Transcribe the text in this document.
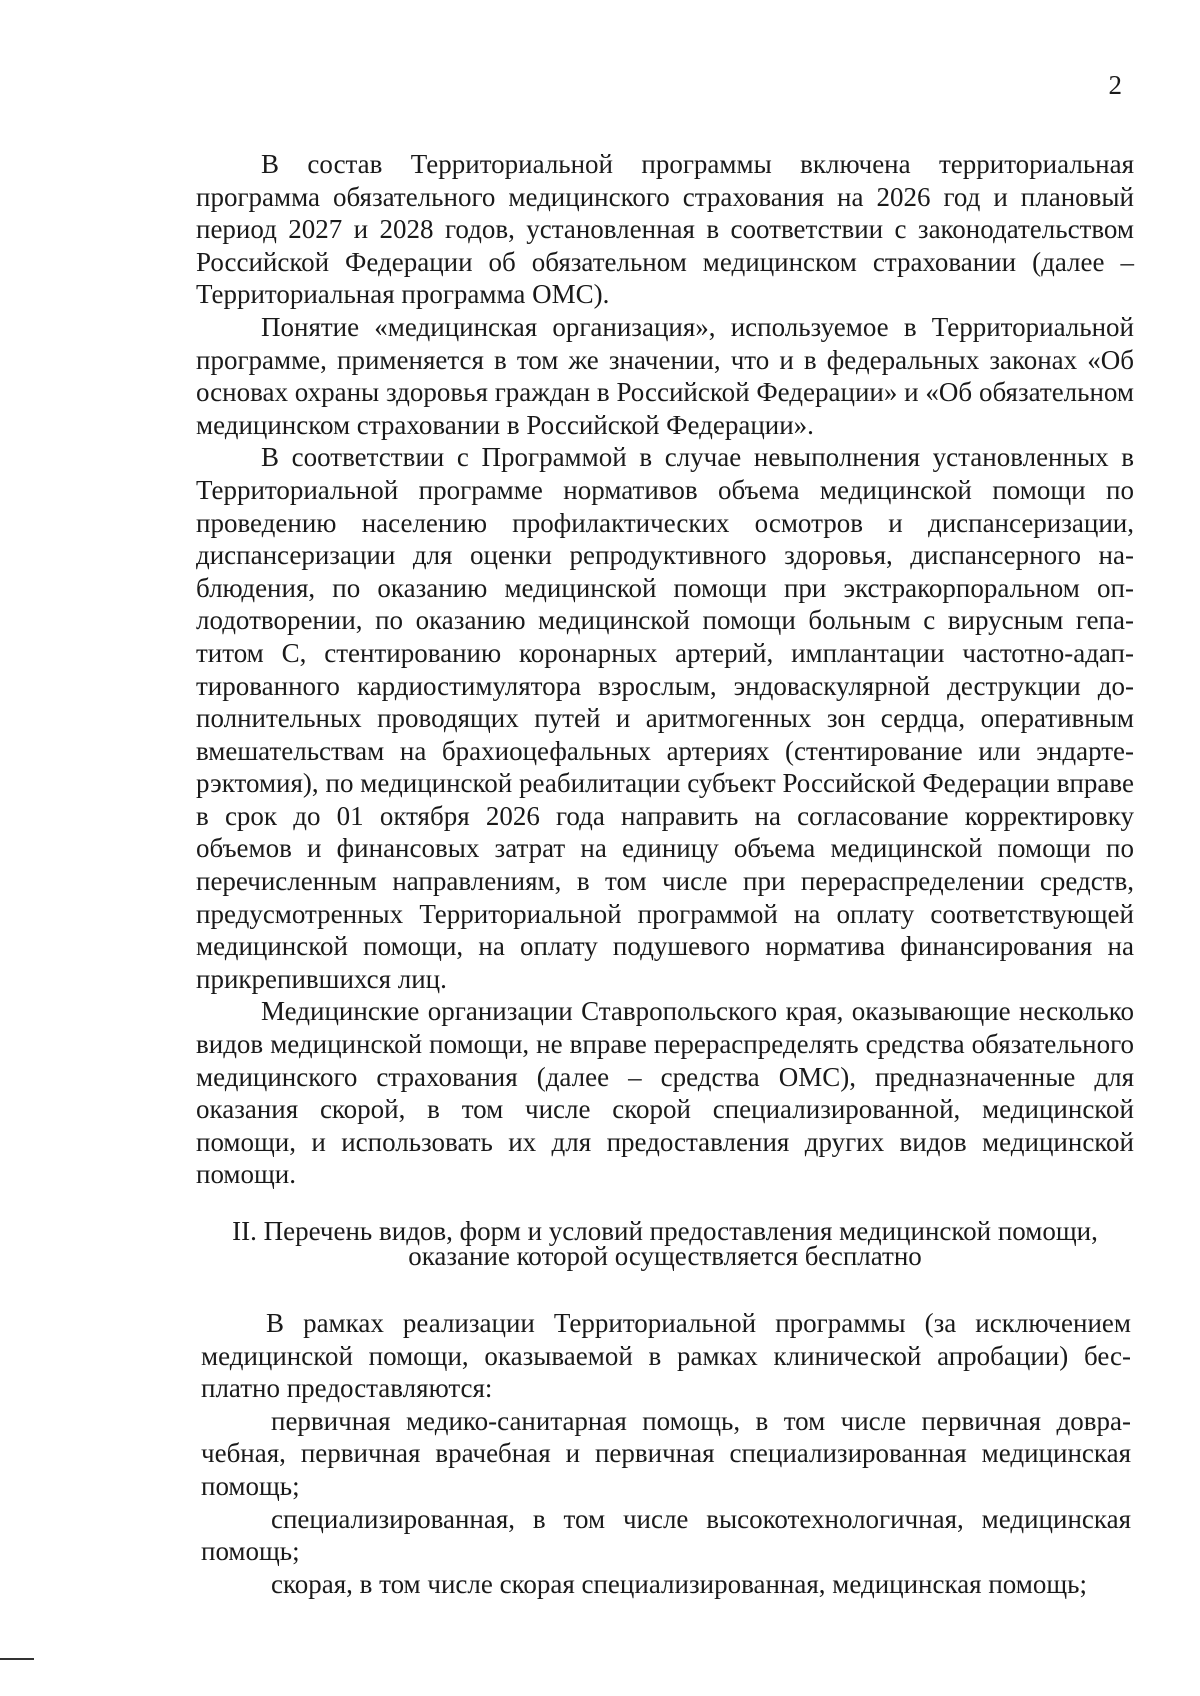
2

В состав Территориальной программы включена территориальная программа обязательного медицинского страхования на 2026 год и плановый период 2027 и 2028 годов, установленная в соответствии с законодательством Российской Федерации об обязательном медицинском страховании (далее – Территориальная программа ОМС).

Понятие «медицинская организация», используемое в Территориальной программе, применяется в том же значении, что и в федеральных законах «Об основах охраны здоровья граждан в Российской Федерации» и «Об обязательном медицинском страховании в Российской Федерации».

В соответствии с Программой в случае невыполнения установленных в Территориальной программе нормативов объема медицинской помощи по проведению населению профилактических осмотров и диспансеризации, диспансеризации для оценки репродуктивного здоровья, диспансерного наблюдения, по оказанию медицинской помощи при экстракорпоральном оплодотворении, по оказанию медицинской помощи больным с вирусным гепатитом С, стентированию коронарных артерий, имплантации частотно-адаптированного кардиостимулятора взрослым, эндоваскулярной деструкции дополнительных проводящих путей и аритмогенных зон сердца, оперативным вмешательствам на брахиоцефальных артериях (стентирование или эндартерэктомия), по медицинской реабилитации субъект Российской Федерации вправе в срок до 01 октября 2026 года направить на согласование корректировку объемов и финансовых затрат на единицу объема медицинской помощи по перечисленным направлениям, в том числе при перераспределении средств, предусмотренных Территориальной программой на оплату соответствующей медицинской помощи, на оплату подушевого норматива финансирования на прикрепившихся лиц.

Медицинские организации Ставропольского края, оказывающие несколько видов медицинской помощи, не вправе перераспределять средства обязательного медицинского страхования (далее – средства ОМС), предназначенные для оказания скорой, в том числе скорой специализированной, медицинской помощи, и использовать их для предоставления других видов медицинской помощи.

II. Перечень видов, форм и условий предоставления медицинской помощи,
оказание которой осуществляется бесплатно

В рамках реализации Территориальной программы (за исключением медицинской помощи, оказываемой в рамках клинической апробации) бесплатно предоставляются:

первичная медико-санитарная помощь, в том числе первичная доврачебная, первичная врачебная и первичная специализированная медицинская помощь;

специализированная, в том числе высокотехнологичная, медицинская помощь;

скорая, в том числе скорая специализированная, медицинская помощь;
